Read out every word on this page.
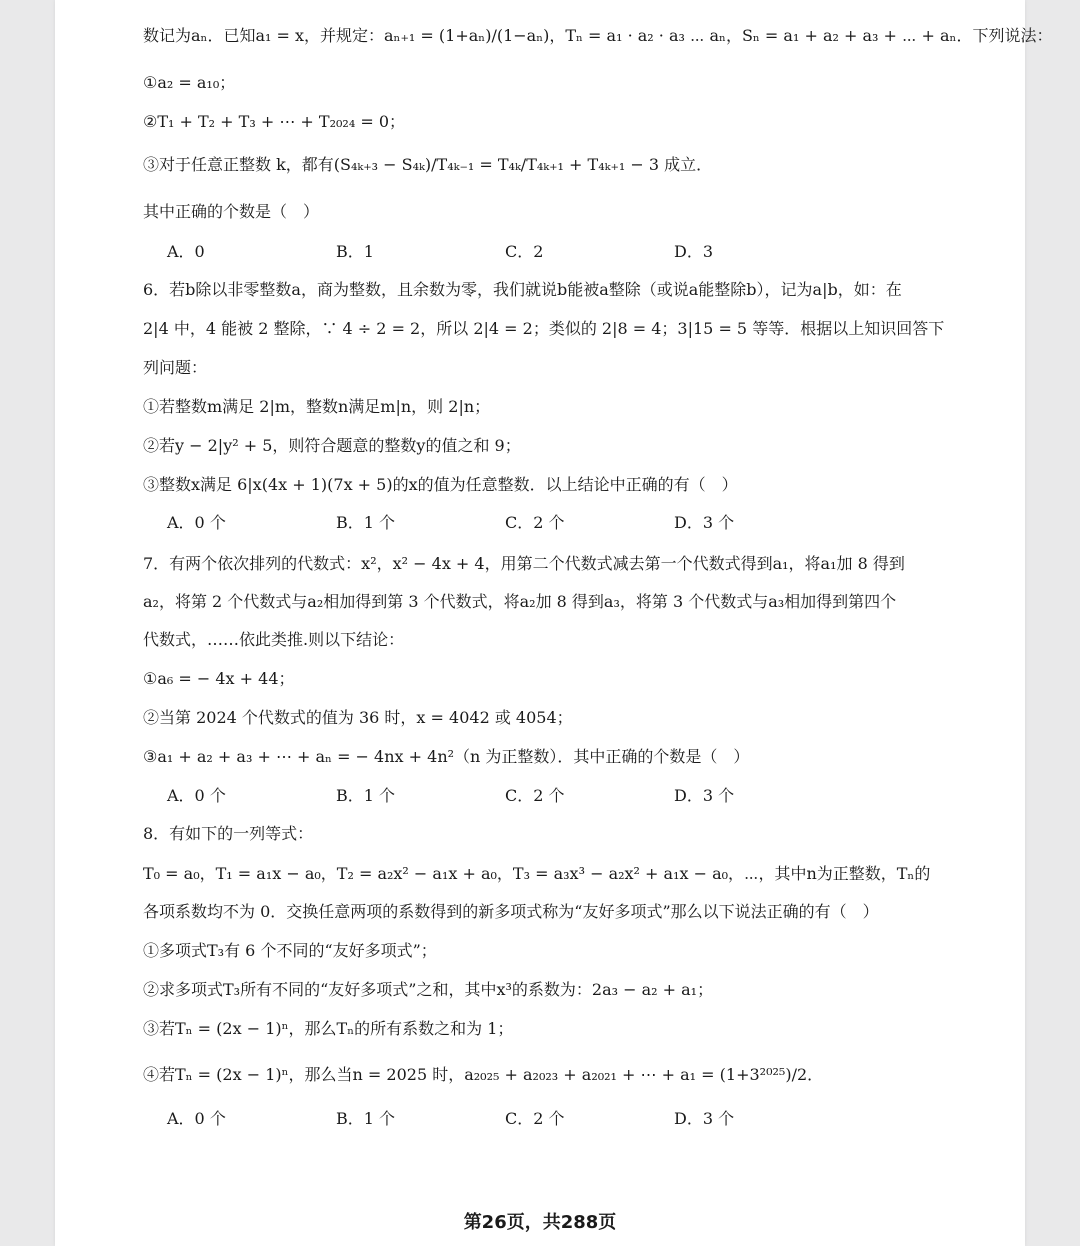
数记为aₙ．已知a₁ = x，并规定：aₙ₊₁ = (1+aₙ)/(1−aₙ)，Tₙ = a₁ · a₂ · a₃ ⋯ aₙ，Sₙ = a₁ + a₂ + a₃ + ⋯ + aₙ．下列说法：
①a₂ = a₁₀；
②T₁ + T₂ + T₃ + ⋯ + T₂₀₂₄ = 0；
③对于任意正整数 k，都有(S₄ₖ₊₃ − S₄ₖ)/T₄ₖ₋₁ = T₄ₖ/T₄ₖ₊₁ + T₄ₖ₊₁ − 3 成立．
其中正确的个数是（　）
A．0	B．1	C．2	D．3
6．若b除以非零整数a，商为整数，且余数为零，我们就说b能被a整除（或说a能整除b），记为a|b，如：在
2|4 中，4 能被 2 整除，∵ 4 ÷ 2 = 2，所以 2|4 = 2；类似的 2|8 = 4；3|15 = 5 等等．根据以上知识回答下
列问题：
①若整数m满足 2|m，整数n满足m|n，则 2|n；
②若y − 2|y² + 5，则符合题意的整数y的值之和 9；
③整数x满足 6|x(4x + 1)(7x + 5)的x的值为任意整数．以上结论中正确的有（　）
A．0 个	B．1 个	C．2 个	D．3 个
7．有两个依次排列的代数式：x²，x² − 4x + 4，用第二个代数式减去第一个代数式得到a₁，将a₁加 8 得到
a₂，将第 2 个代数式与a₂相加得到第 3 个代数式，将a₂加 8 得到a₃，将第 3 个代数式与a₃相加得到第四个
代数式，……依此类推.则以下结论：
①a₆ = − 4x + 44；
②当第 2024 个代数式的值为 36 时，x = 4042 或 4054；
③a₁ + a₂ + a₃ + ⋯ + aₙ = − 4nx + 4n²（n 为正整数）．其中正确的个数是（　）
A．0 个	B．1 个	C．2 个	D．3 个
8．有如下的一列等式：
T₀ = a₀，T₁ = a₁x − a₀，T₂ = a₂x² − a₁x + a₀，T₃ = a₃x³ − a₂x² + a₁x − a₀，⋯，其中n为正整数，Tₙ的
各项系数均不为 0．交换任意两项的系数得到的新多项式称为“友好多项式”那么以下说法正确的有（　）
①多项式T₃有 6 个不同的“友好多项式”；
②求多项式T₃所有不同的“友好多项式”之和，其中x³的系数为：2a₃ − a₂ + a₁；
③若Tₙ = (2x − 1)ⁿ，那么Tₙ的所有系数之和为 1；
④若Tₙ = (2x − 1)ⁿ，那么当n = 2025 时，a₂₀₂₅ + a₂₀₂₃ + a₂₀₂₁ + ⋯ + a₁ = (1+3²⁰²⁵)/2．
A．0 个	B．1 个	C．2 个	D．3 个
第26页，共288页
